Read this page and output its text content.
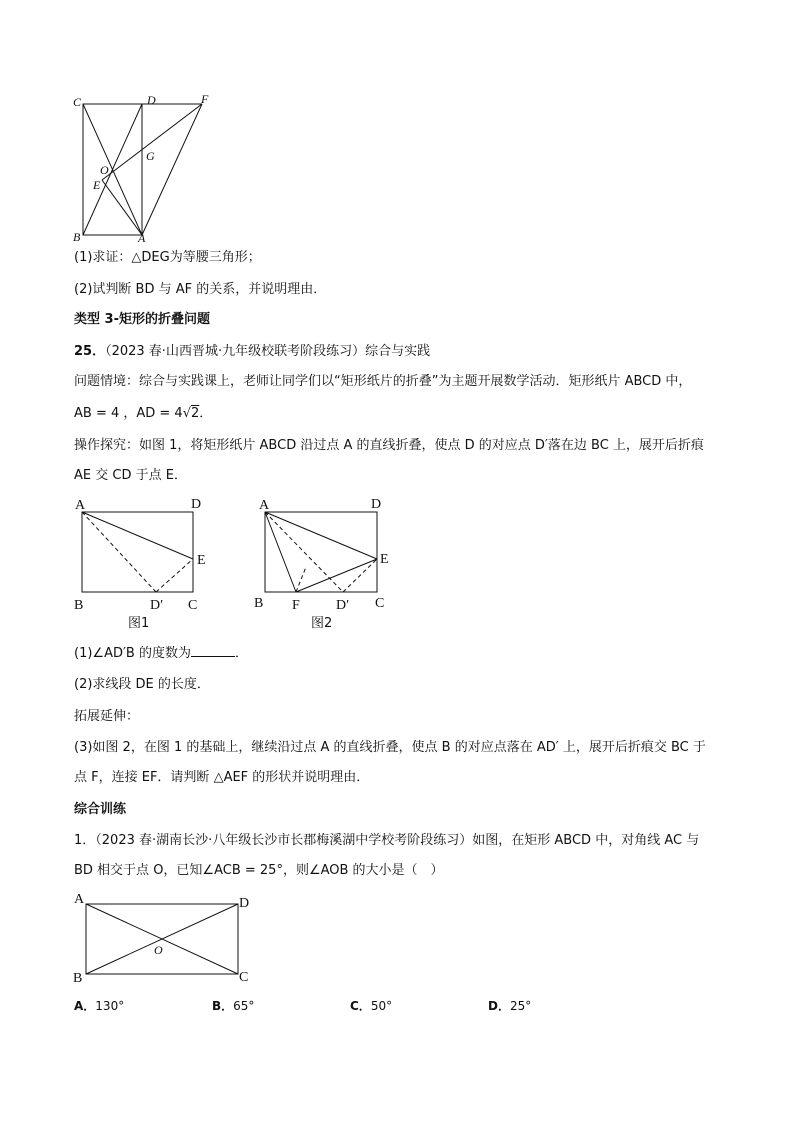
C	D	F
O
G
E
B	A
(1)求证：△DEG为等腰三角形；
(2)试判断 BD 与 AF 的关系，并说明理由．
类型 3-矩形的折叠问题
25．（2023 春·山西晋城·九年级校联考阶段练习）综合与实践
问题情境：综合与实践课上，老师让同学们以“矩形纸片的折叠”为主题开展数学活动．矩形纸片 ABCD 中，
AB = 4 ，AD = 4√2．
操作探究：如图 1，将矩形纸片 ABCD 沿过点 A 的直线折叠，使点 D 的对应点 D′落在边 BC 上，展开后折痕
AE 交 CD 于点 E．
A	D
E
B	D′ C
图1
A	D
E
B F	D′ C
图2
(1)∠AD′B 的度数为	．
(2)求线段 DE 的长度．
拓展延伸：
(3)如图 2，在图 1 的基础上，继续沿过点 A 的直线折叠，使点 B 的对应点落在 AD′ 上，展开后折痕交 BC 于
点 F，连接 EF．请判断 △AEF 的形状并说明理由．
综合训练
1．（2023 春·湖南长沙·八年级长沙市长郡梅溪湖中学校考阶段练习）如图，在矩形 ABCD 中，对角线 AC 与
BD 相交于点 O，已知∠ACB = 25°，则∠AOB 的大小是（　）
A	D
O
B	C
A．130°	B．65°	C．50°	D．25°
